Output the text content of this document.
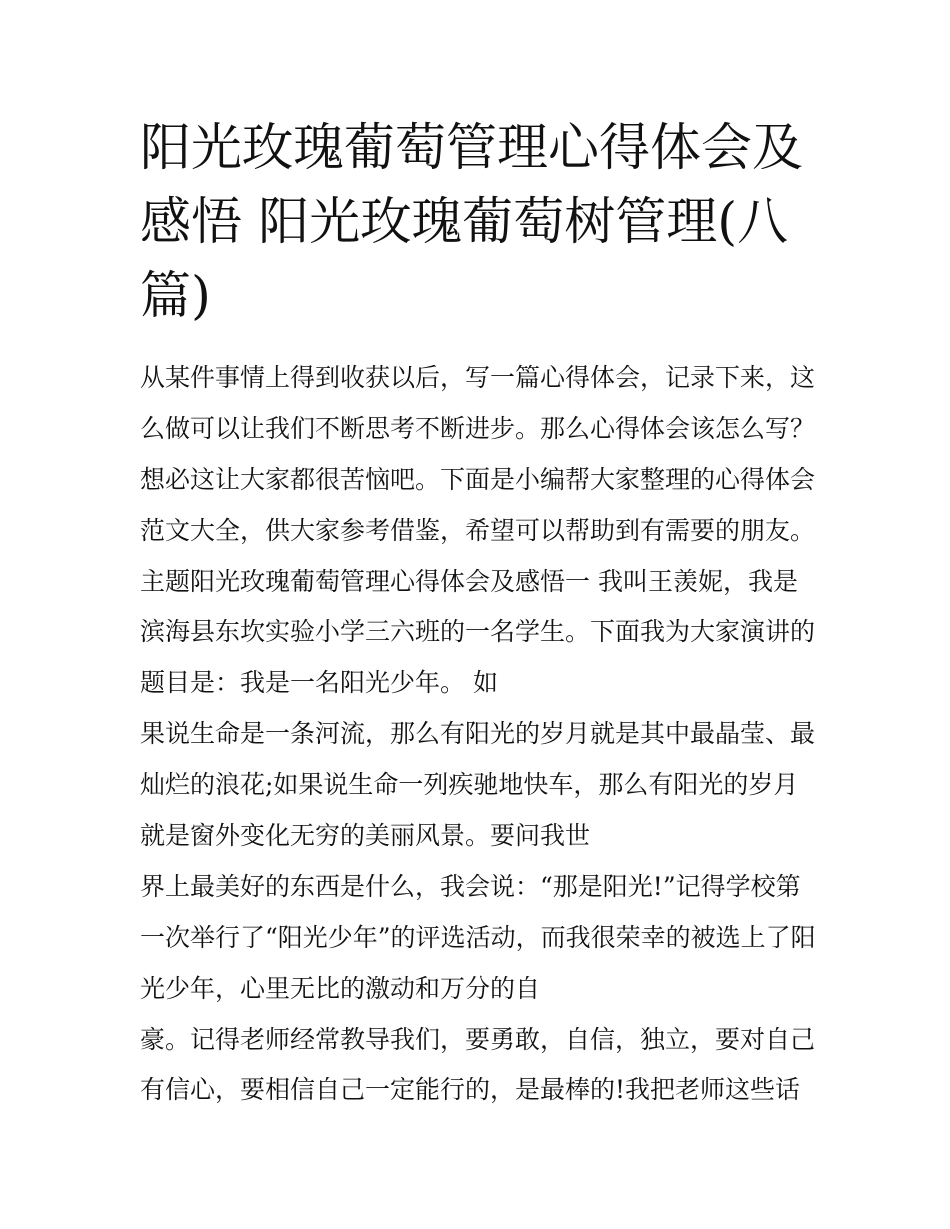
阳光玫瑰葡萄管理心得体会及
感悟 阳光玫瑰葡萄树管理(八
篇)
从某件事情上得到收获以后，写一篇心得体会，记录下来，这
么做可以让我们不断思考不断进步。那么心得体会该怎么写？
想必这让大家都很苦恼吧。下面是小编帮大家整理的心得体会
范文大全，供大家参考借鉴，希望可以帮助到有需要的朋友。
主题阳光玫瑰葡萄管理心得体会及感悟一 我叫王羡妮，我是
滨海县东坎实验小学三六班的一名学生。下面我为大家演讲的
题目是：我是一名阳光少年。 如
果说生命是一条河流，那么有阳光的岁月就是其中最晶莹、最
灿烂的浪花;如果说生命一列疾驰地快车，那么有阳光的岁月
就是窗外变化无穷的美丽风景。要问我世
界上最美好的东西是什么，我会说：“那是阳光!”记得学校第
一次举行了“阳光少年”的评选活动，而我很荣幸的被选上了阳
光少年，心里无比的激动和万分的自
豪。记得老师经常教导我们，要勇敢，自信，独立，要对自己
有信心，要相信自己一定能行的，是最棒的!我把老师这些话
